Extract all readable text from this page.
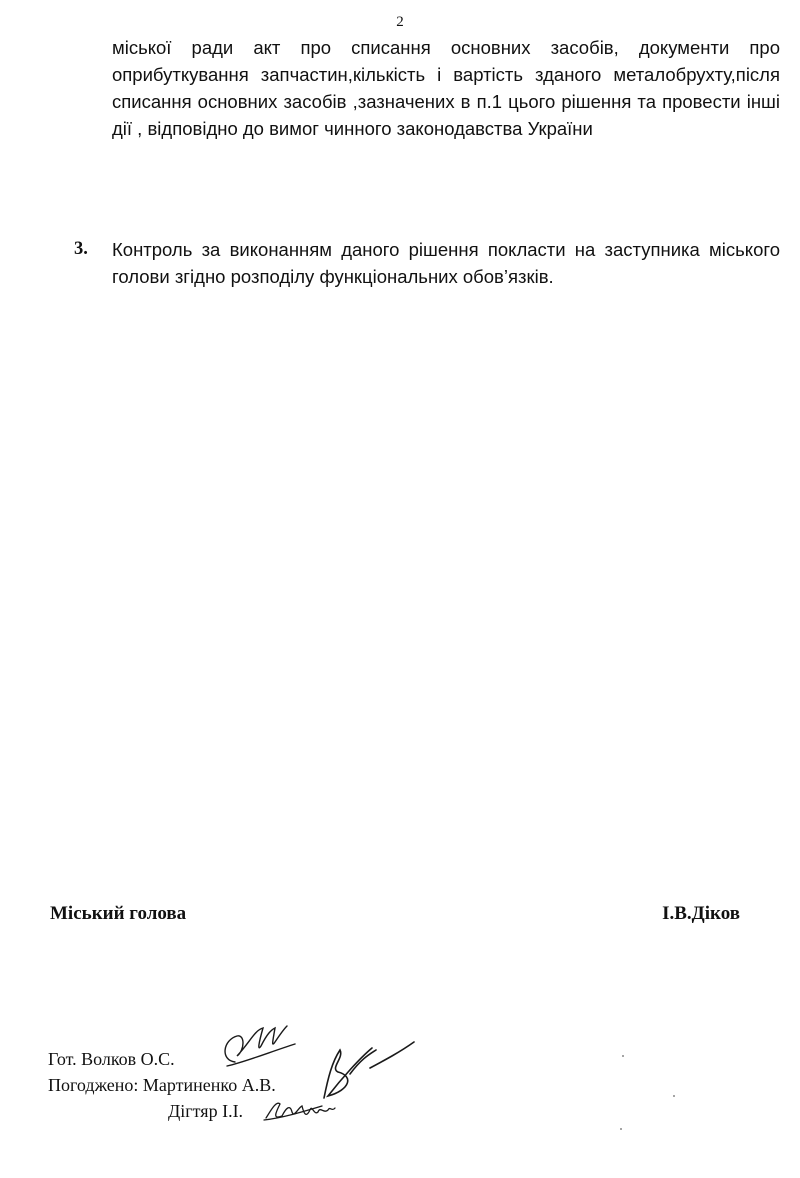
2
міської ради акт про списання основних засобів, документи про оприбуткування запчастин,кількість і вартість зданого металобрухту,після списання основних засобів ,зазначених в п.1 цього рішення та провести інші дії , відповідно до вимог чинного законодавства України
3. Контроль за виконанням даного рішення покласти на заступника міського голови згідно розподілу функціональних обов’язків.
Міський голова	І.В.Діков
Гот. Волков О.С.
Погоджено: Мартиненко А.В.
Дігтяр І.І.
